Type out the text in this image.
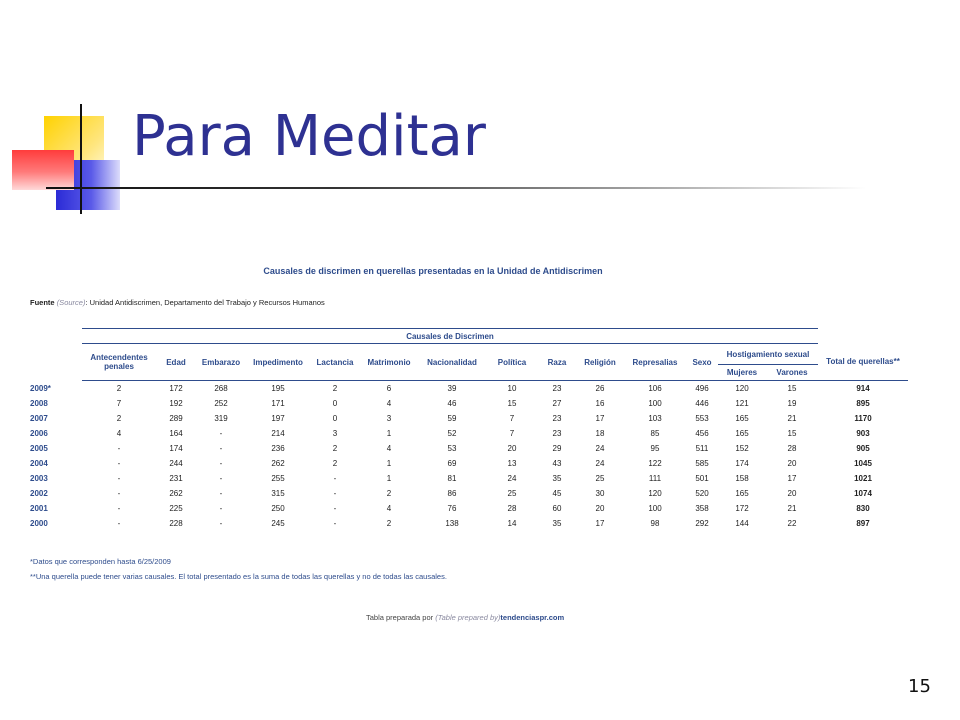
Para Meditar
Causales de discrimen en querellas presentadas en la Unidad de Antidiscrimen
Fuente (Source): Unidad Antidiscrimen, Departamento del Trabajo y Recursos Humanos
	Causales de Discrimen														
	Antecendentes penales	Edad	Embarazo	Impedimento	Lactancia	Matrimonio	Nacionalidad	Política	Raza	Religión	Represalias	Sexo	Hostigamiento sexual		Total de querellas**
												Mujeres	Varones	

2009*	2	172	268	195	2	6	39	10	23	26	106	496	120	15	914

2008	7	192	252	171	0	4	46	15	27	16	100	446	121	19	895

2007	2	289	319	197	0	3	59	7	23	17	103	553	165	21	1170

2006	4	164	-	214	3	1	52	7	23	18	85	456	165	15	903

2005	-	174	-	236	2	4	53	20	29	24	95	511	152	28	905

2004	-	244	-	262	2	1	69	13	43	24	122	585	174	20	1045

2003	-	231	-	255	-	1	81	24	35	25	111	501	158	17	1021

2002	-	262	-	315	-	2	86	25	45	30	120	520	165	20	1074

2001	-	225	-	250	-	4	76	28	60	20	100	358	172	21	830

2000	-	228	-	245	-	2	138	14	35	17	98	292	144	22	897
*Datos que corresponden hasta 6/25/2009
**Una querella puede tener varias causales. El total presentado es la suma de todas las querellas y no de todas las causales.
Tabla preparada por (Table prepared by)tendenciaspr.com
15
